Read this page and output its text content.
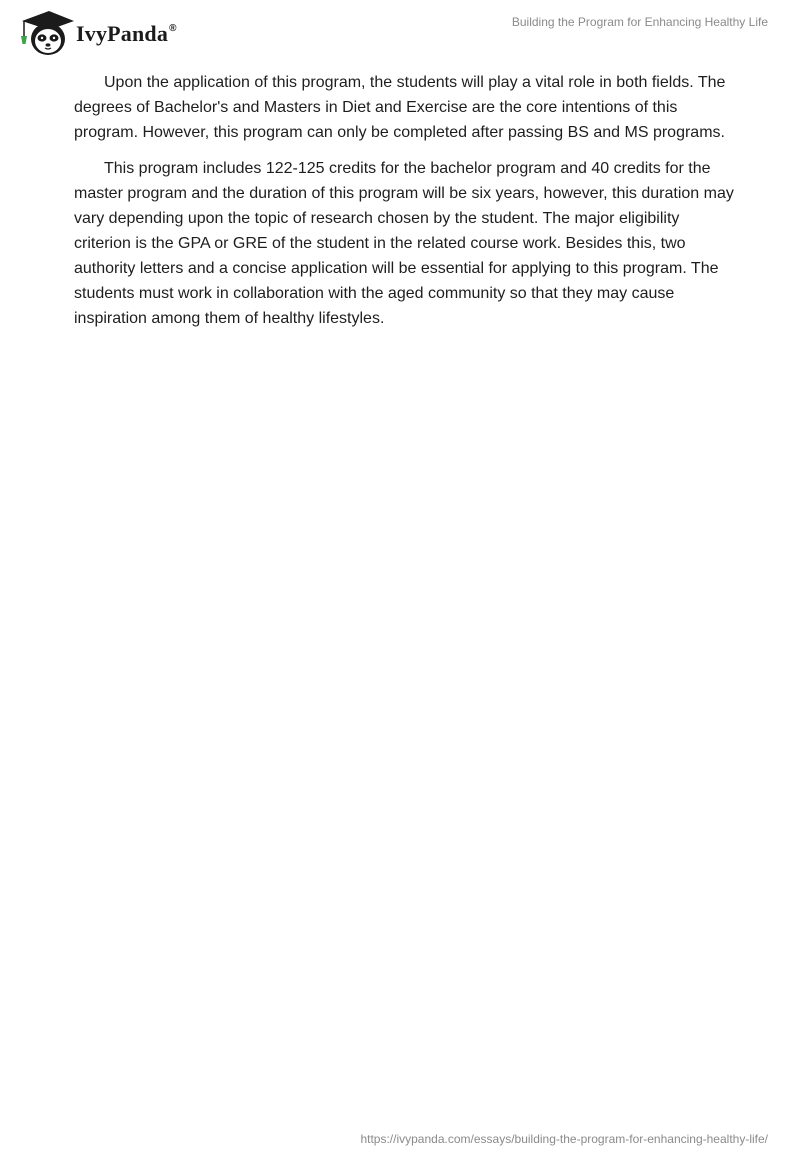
IvyPanda®	Building the Program for Enhancing Healthy Life

Upon the application of this program, the students will play a vital role in both fields. The degrees of Bachelor's and Masters in Diet and Exercise are the core intentions of this program. However, this program can only be completed after passing BS and MS programs.

This program includes 122-125 credits for the bachelor program and 40 credits for the master program and the duration of this program will be six years, however, this duration may vary depending upon the topic of research chosen by the student. The major eligibility criterion is the GPA or GRE of the student in the related course work. Besides this, two authority letters and a concise application will be essential for applying to this program. The students must work in collaboration with the aged community so that they may cause inspiration among them of healthy lifestyles.

https://ivypanda.com/essays/building-the-program-for-enhancing-healthy-life/
